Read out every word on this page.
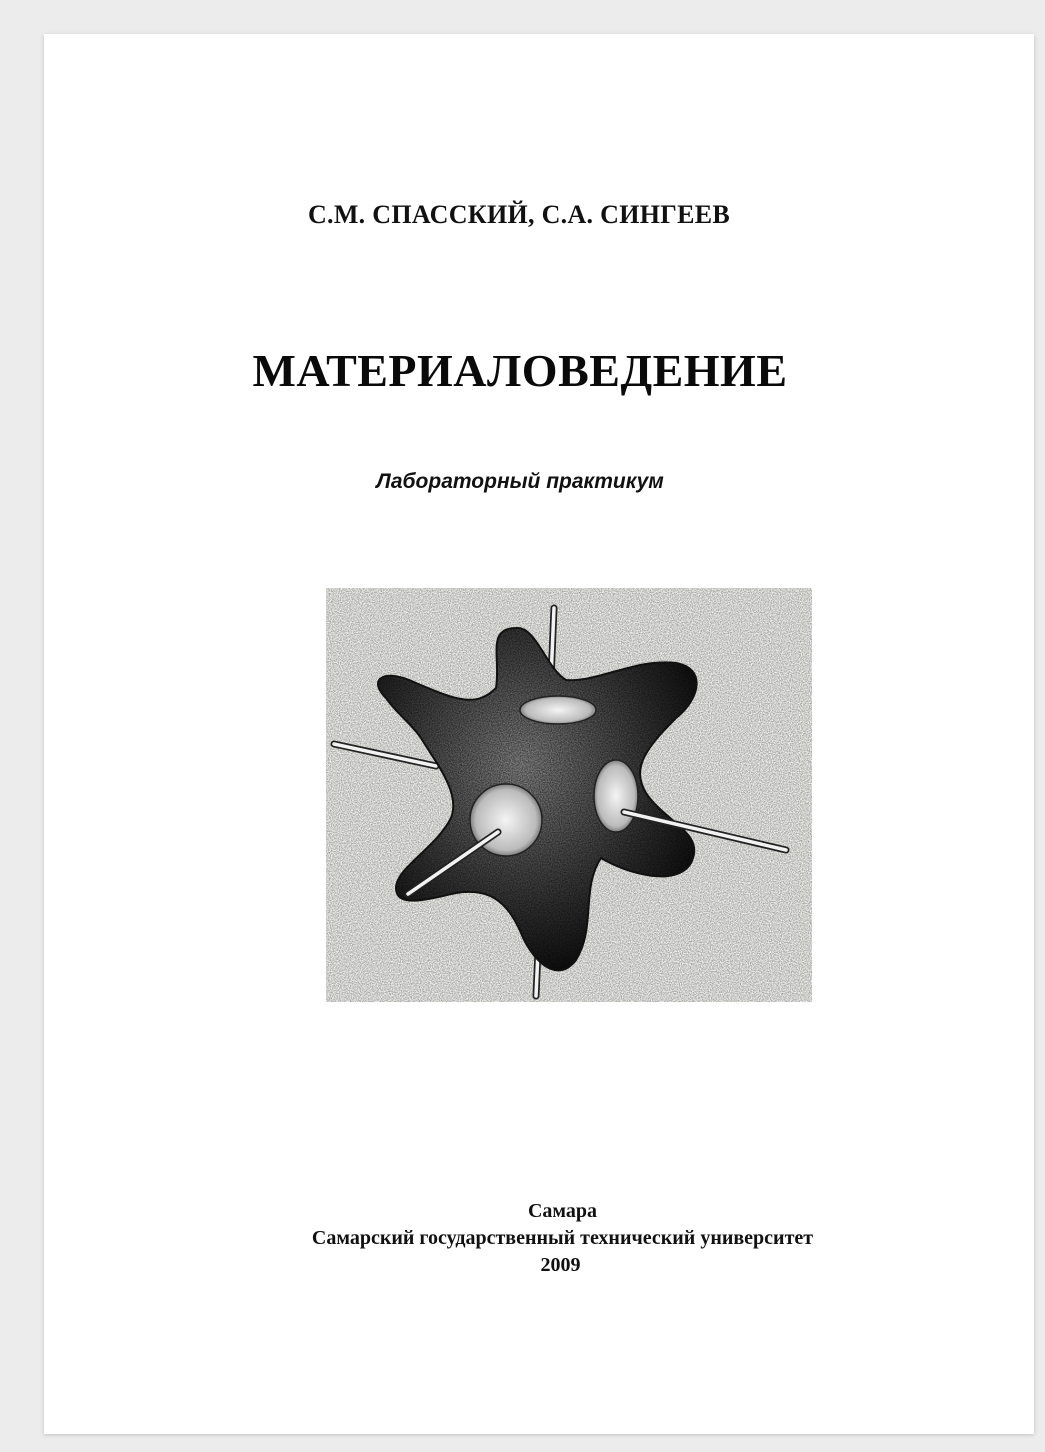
С.М. СПАССКИЙ, С.А. СИНГЕЕВ
МАТЕРИАЛОВЕДЕНИЕ
Лабораторный практикум
Самара
Самарский государственный технический университет
2009
